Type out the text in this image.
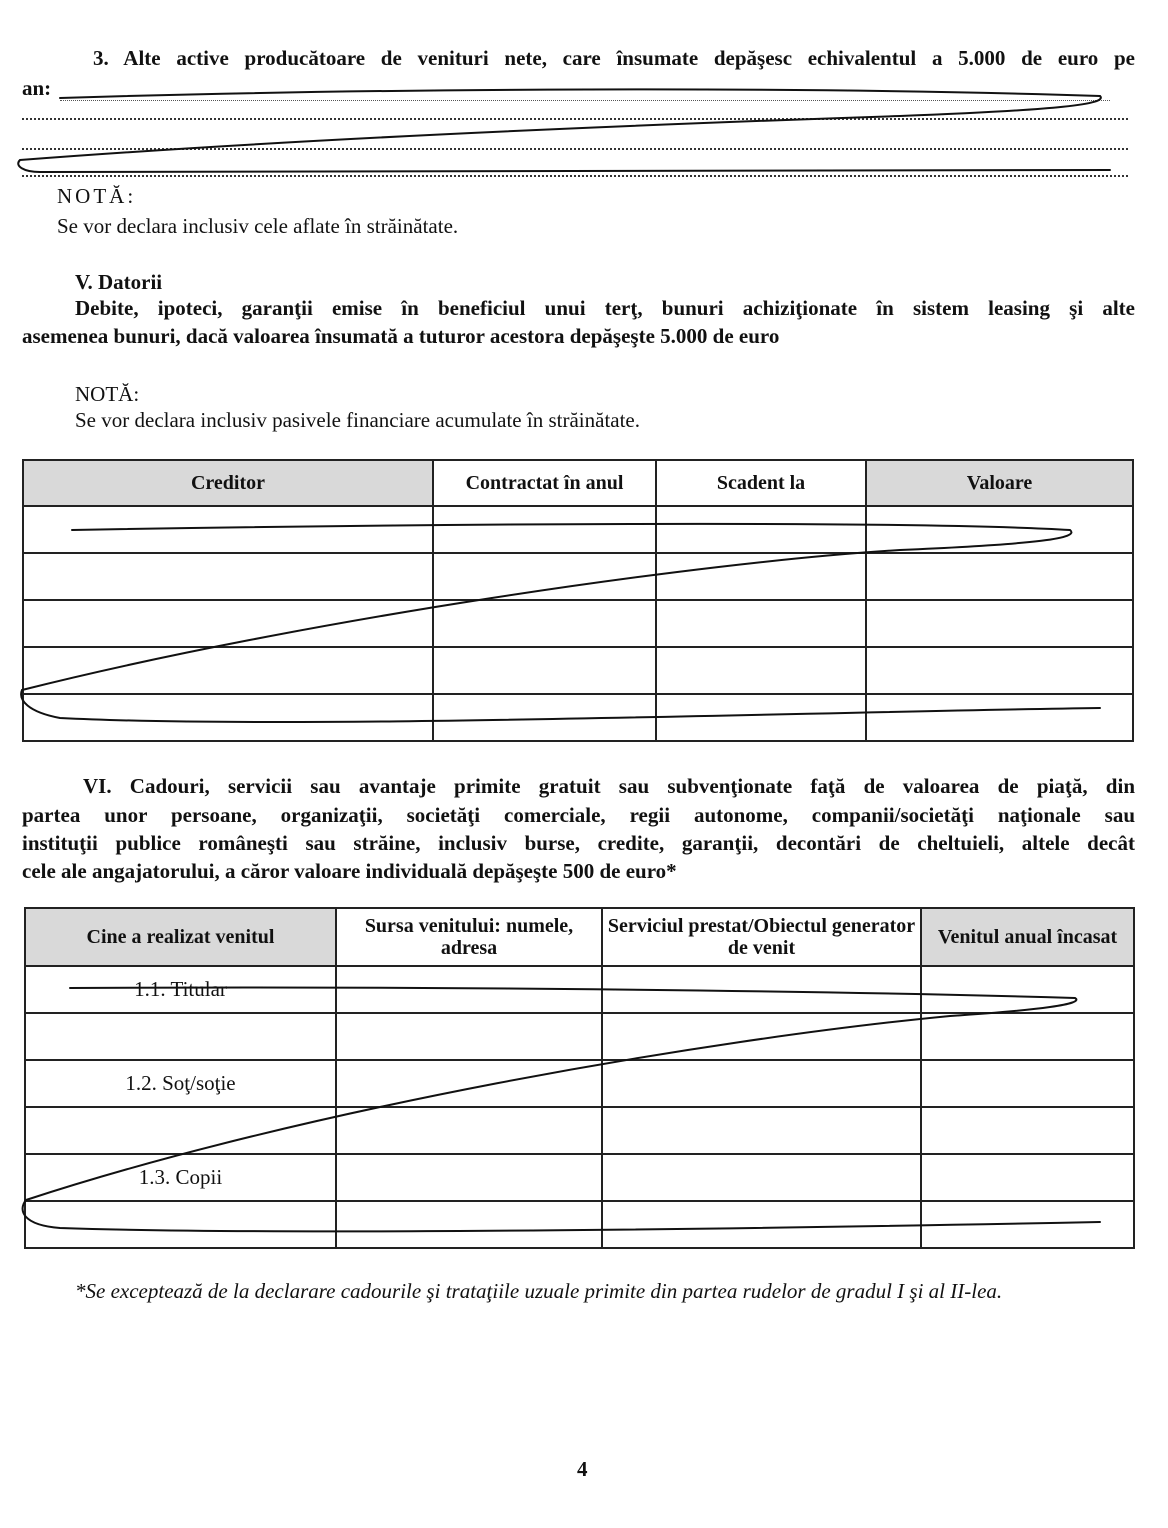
3. Alte active producătoare de venituri nete, care însumate depăşesc echivalentul a 5.000 de euro pe
an:
NOTĂ:
Se vor declara inclusiv cele aflate în străinătate.
V. Datorii
Debite, ipoteci, garanţii emise în beneficiul unui terţ, bunuri achiziţionate în sistem leasing şi alte
asemenea bunuri, dacă valoarea însumată a tuturor acestora depăşeşte 5.000 de euro
NOTĂ:
Se vor declara inclusiv pasivele financiare acumulate în străinătate.
Creditor	Contractat în anul	Scadent la	Valoare

VI. Cadouri, servicii sau avantaje primite gratuit sau subvenţionate faţă de valoarea de piaţă, din
partea unor persoane, organizaţii, societăţi comerciale, regii autonome, companii/societăţi naţionale sau
instituţii publice româneşti sau străine, inclusiv burse, credite, garanţii, decontări de cheltuieli, altele decât
cele ale angajatorului, a căror valoare individuală depăşeşte 500 de euro*
Cine a realizat venitul	Sursa venitului: numele, adresa	Serviciul prestat/Obiectul generator de venit	Venitul anual încasat
1.1. Titular			

1.2. Soţ/soţie			

1.3. Copii			

*Se exceptează de la declarare cadourile şi trataţiile uzuale primite din partea rudelor de gradul I şi al II-lea.
4
